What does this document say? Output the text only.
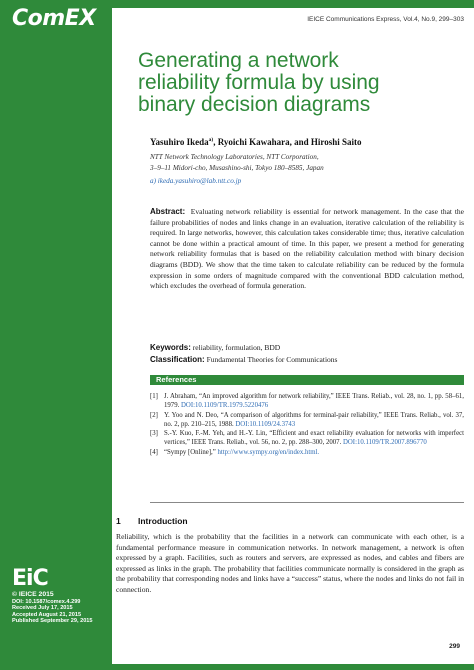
ComEX
EiC
© IEICE 2015
DOI: 10.1587/comex.4.299
Received July 17, 2015
Accepted August 21, 2015
Published September 29, 2015
IEICE Communications Express, Vol.4, No.9, 299–303
Generating a network
reliability formula by using
binary decision diagrams
Yasuhiro Ikeda$^{a)}$, Ryoichi Kawahara, and Hiroshi Saito
NTT Network Technology Laboratories, NTT Corporation,
3–9–11 Midori-cho, Musashino-shi, Tokyo 180–8585, Japan
a) ikeda.yasuhiro@lab.ntt.co.jp

Abstract: Evaluating network reliability is essential for network management. In the case that the failure probabilities of nodes and links change in an evaluation, iterative calculation of the reliability is required. In large networks, however, this calculation takes considerable time; thus, iterative calculation cannot be done within a practical amount of time. In this paper, we present a method for generating network reliability formulas that is based on the reliability calculation method with binary decision diagrams (BDD). We show that the time taken to calculate reliability can be reduced by the formula expression in some orders of magnitude compared with the conventional BDD calculation method, which excludes the overhead of formula generation.

Keywords: reliability, formulation, BDD
Classification: Fundamental Theories for Communications
References
[1] J. Abraham, “An improved algorithm for network reliability,” IEEE Trans. Reliab., vol. 28, no. 1, pp. 58–61, 1979. DOI:10.1109/TR.1979.5220476
[2] Y. Yoo and N. Deo, “A comparison of algorithms for terminal-pair reliability,” IEEE Trans. Reliab., vol. 37, no. 2, pp. 210–215, 1988. DOI:10.1109/24.3743
[3] S.-Y. Kuo, F.-M. Yeh, and H.-Y. Lin, “Efficient and exact reliability evaluation for networks with imperfect vertices,” IEEE Trans. Reliab., vol. 56, no. 2, pp. 288–300, 2007. DOI:10.1109/TR.2007.896770
[4] “Sympy [Online],” http://www.sympy.org/en/index.html.
1 Introduction

Reliability, which is the probability that the facilities in a network can communicate with each other, is a fundamental performance measure in communication networks. In network management, a network is often expressed by a graph. Facilities, such as routers and servers, are expressed as nodes, and cables and fibers are expressed as links in the graph. The probability that facilities communicate normally is considered in the graph as the probability that corresponding nodes and links have a “success” status, where the nodes and links do not fail in connection.

299
